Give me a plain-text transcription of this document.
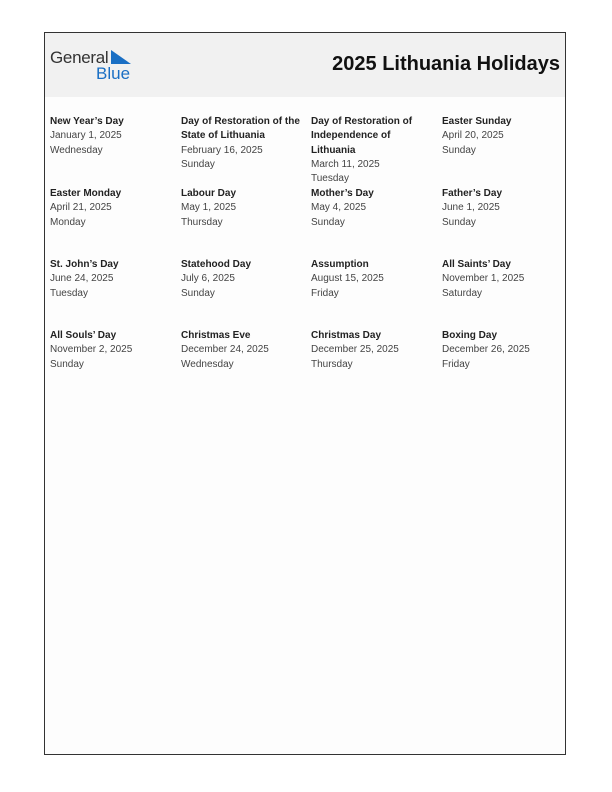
General
Blue	2025 Lithuania Holidays
New Year’s Day
January 1, 2025
Wednesday
Day of Restoration of the State of Lithuania
February 16, 2025
Sunday
Day of Restoration of Independence of Lithuania
March 11, 2025
Tuesday
Easter Sunday
April 20, 2025
Sunday
Easter Monday
April 21, 2025
Monday
Labour Day
May 1, 2025
Thursday
Mother’s Day
May 4, 2025
Sunday
Father’s Day
June 1, 2025
Sunday
St. John’s Day
June 24, 2025
Tuesday
Statehood Day
July 6, 2025
Sunday
Assumption
August 15, 2025
Friday
All Saints’ Day
November 1, 2025
Saturday
All Souls’ Day
November 2, 2025
Sunday
Christmas Eve
December 24, 2025
Wednesday
Christmas Day
December 25, 2025
Thursday
Boxing Day
December 26, 2025
Friday
